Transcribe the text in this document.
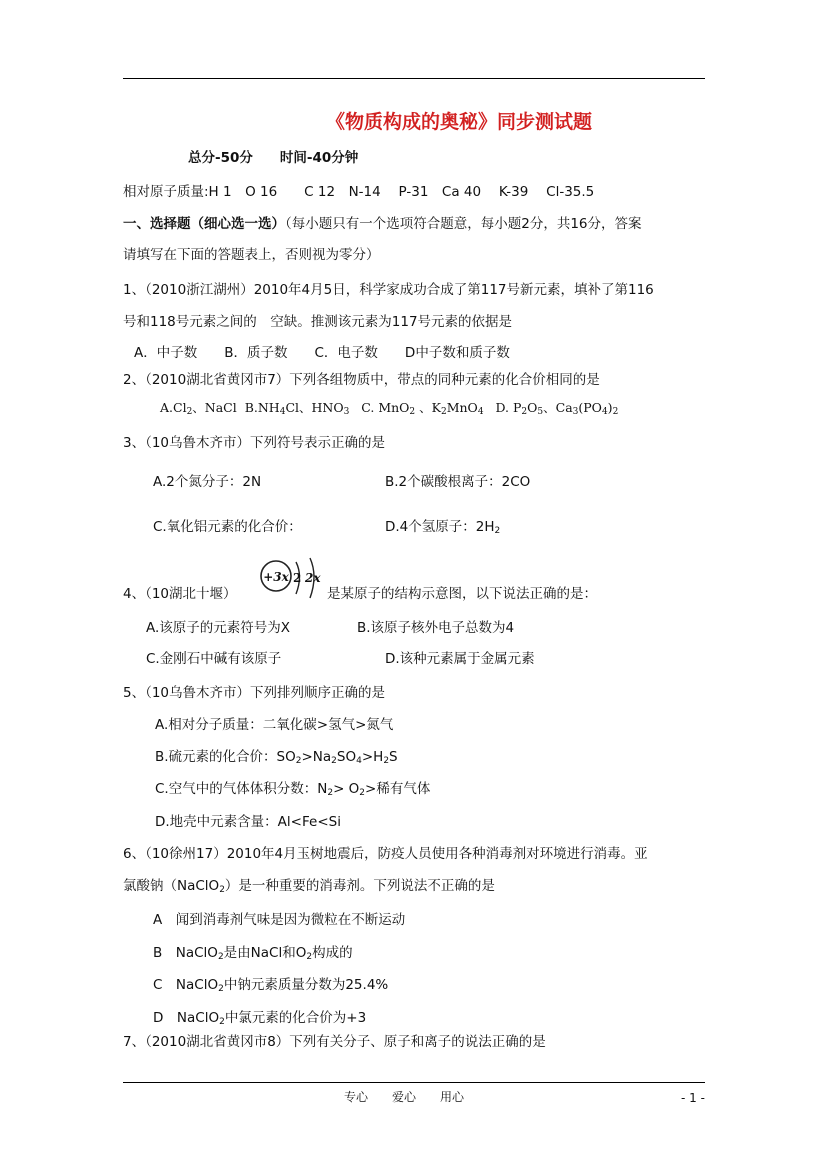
《物质构成的奥秘》同步测试题
总分-50分　　时间-40分钟
相对原子质量:H 1　O 16　　C 12　N-14　 P-31　Ca 40　 K-39　 Cl-35.5
一、选择题（细心选一选）（每小题只有一个选项符合题意，每小题2分，共16分，答案
请填写在下面的答题表上，否则视为零分）
1、（2010浙江湖州）2010年4月5日，科学家成功合成了第117号新元素，填补了第116
号和118号元素之间的　空缺。推测该元素为117号元素的依据是
A．中子数　　B．质子数　　C．电子数　　D中子数和质子数
2、（2010湖北省黄冈市7）下列各组物质中，带点的同种元素的化合价相同的是
$A.Cl_2$、NaCl $B.NH_4Cl$、$HNO_3$ C. MnO$_2$ 、$K_2MnO_4$ D. $P_2O_5$、$Ca_3(PO_4)_2$
3、（10乌鲁木齐市）下列符号表示正确的是
A.2个氮分子：2N	B.2个碳酸根离子：2CO
C.氧化铝元素的化合价：	D.4个氢原子：$2H_2$
+3x 2 2x
4、（10湖北十堰）	是某原子的结构示意图，以下说法正确的是：
A.该原子的元素符号为X	B.该原子核外电子总数为4
C.金刚石中碱有该原子	D.该种元素属于金属元素
5、（10乌鲁木齐市）下列排列顺序正确的是
A.相对分子质量：二氧化碳>氢气>氮气
B.硫元素的化合价：$SO_2>Na_2SO_4>H_2S$
C.空气中的气体体积分数：$N_2> O_2>$稀有气体
D.地壳中元素含量：Al<Fe<Si
6、（10徐州17）2010年4月玉树地震后，防疫人员使用各种消毒剂对环境进行消毒。亚
氯酸钠（NaClO$_2$）是一种重要的消毒剂。下列说法不正确的是
A　闻到消毒剂气味是因为微粒在不断运动
B　NaClO$_2$是由NaCl和$O_2$构成的
C　NaClO$_2$中钠元素质量分数为25.4%
D　NaClO$_2$中氯元素的化合价为+3
7、（2010湖北省黄冈市8）下列有关分子、原子和离子的说法正确的是
专心　　爱心　　用心	- 1 -
